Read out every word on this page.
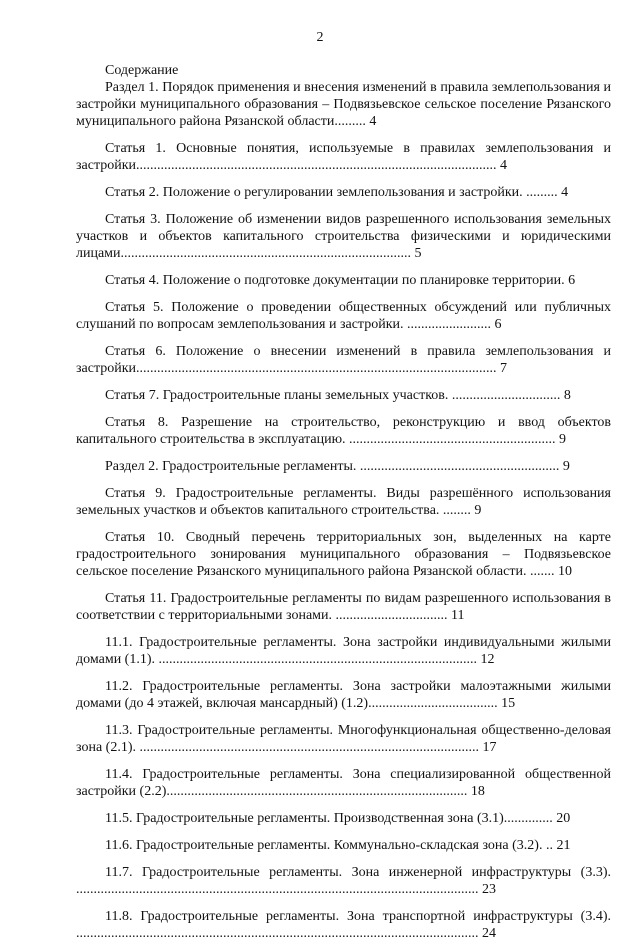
2
Содержание

Раздел 1. Порядок применения и внесения изменений в правила землепользования и застройки муниципального образования – Подвязьевское сельское поселение Рязанского муниципального района Рязанской области......... 4

Статья 1. Основные понятия, используемые в правилах землепользования и застройки....................................................................................................... 4

Статья 2. Положение о регулировании землепользования и застройки. ......... 4

Статья 3. Положение об изменении видов разрешенного использования земельных участков и объектов капитального строительства физическими и юридическими лицами................................................................................... 5

Статья 4. Положение о подготовке документации по планировке территории. 6

Статья 5. Положение о проведении общественных обсуждений или публичных слушаний по вопросам землепользования и застройки. ........................ 6

Статья 6. Положение о внесении изменений в правила землепользования и застройки....................................................................................................... 7

Статья 7. Градостроительные планы земельных участков. ............................... 8

Статья 8. Разрешение на строительство, реконструкцию и ввод объектов капитального строительства в эксплуатацию. ........................................................... 9

Раздел 2. Градостроительные регламенты. ......................................................... 9

Статья 9. Градостроительные регламенты. Виды разрешённого использования земельных участков и объектов капитального строительства. ........ 9

Статья 10. Сводный перечень территориальных зон, выделенных на карте градостроительного зонирования муниципального образования – Подвязьевское сельское поселение Рязанского муниципального района Рязанской области. ....... 10

Статья 11. Градостроительные регламенты по видам разрешенного использования в соответствии с территориальными зонами. ................................ 11

11.1. Градостроительные регламенты. Зона застройки индивидуальными жилыми домами (1.1). ........................................................................................... 12

11.2. Градостроительные регламенты. Зона застройки малоэтажными жилыми домами (до 4 этажей, включая мансардный) (1.2)..................................... 15

11.3. Градостроительные регламенты. Многофункциональная общественно-деловая зона (2.1). ................................................................................................. 17

11.4. Градостроительные регламенты. Зона специализированной общественной застройки (2.2)...................................................................................... 18

11.5. Градостроительные регламенты. Производственная зона (3.1).............. 20

11.6. Градостроительные регламенты. Коммунально-складская зона (3.2). .. 21

11.7. Градостроительные регламенты. Зона инженерной инфраструктуры (3.3). ................................................................................................................... 23

11.8. Градостроительные регламенты. Зона транспортной инфраструктуры (3.4). ................................................................................................................... 24
